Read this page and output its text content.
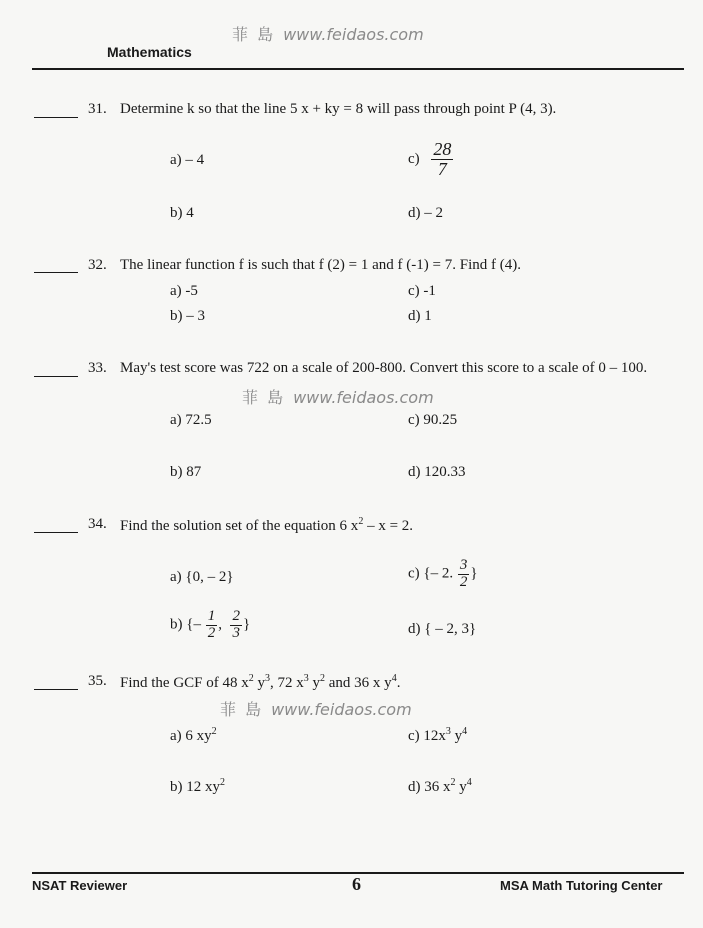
菲 島 www.feidaos.com
菲 島 www.feidaos.com
菲 島 www.feidaos.com
Mathematics
31. Determine k so that the line 5 x + ky = 8 will pass through point P (4, 3).
a) – 4	$c) \frac{28}{7}$
b) 4	d) – 2
32. The linear function f is such that f (2) = 1 and f (-1) = 7. Find f (4).
a) -5	c) -1
b) – 3	d) 1
33. May's test score was 722 on a scale of 200-800. Convert this score to a scale of 0 – 100.
a) 72.5	c) 90.25
b) 87	d) 120.33
34. Find the solution set of the equation 6 $x^2 - x = 2$.
a) {0, – 2}	c) {– 2. $\frac{3}{2}$ }
b) {– $\frac{1}{2}$ , $\frac{2}{3}$ }	d) { – 2, 3}
35. Find the GCF of 48 $x^2$ $y^3$, 72 $x^3$ $y^2$ and 36 x $y^4$.
a) 6 $xy^2$	c) $12x^3$ $y^4$
b) 12 $xy^2$	d) 36 $x^2$ $y^4$
NSAT Reviewer	6	MSA Math Tutoring Center
